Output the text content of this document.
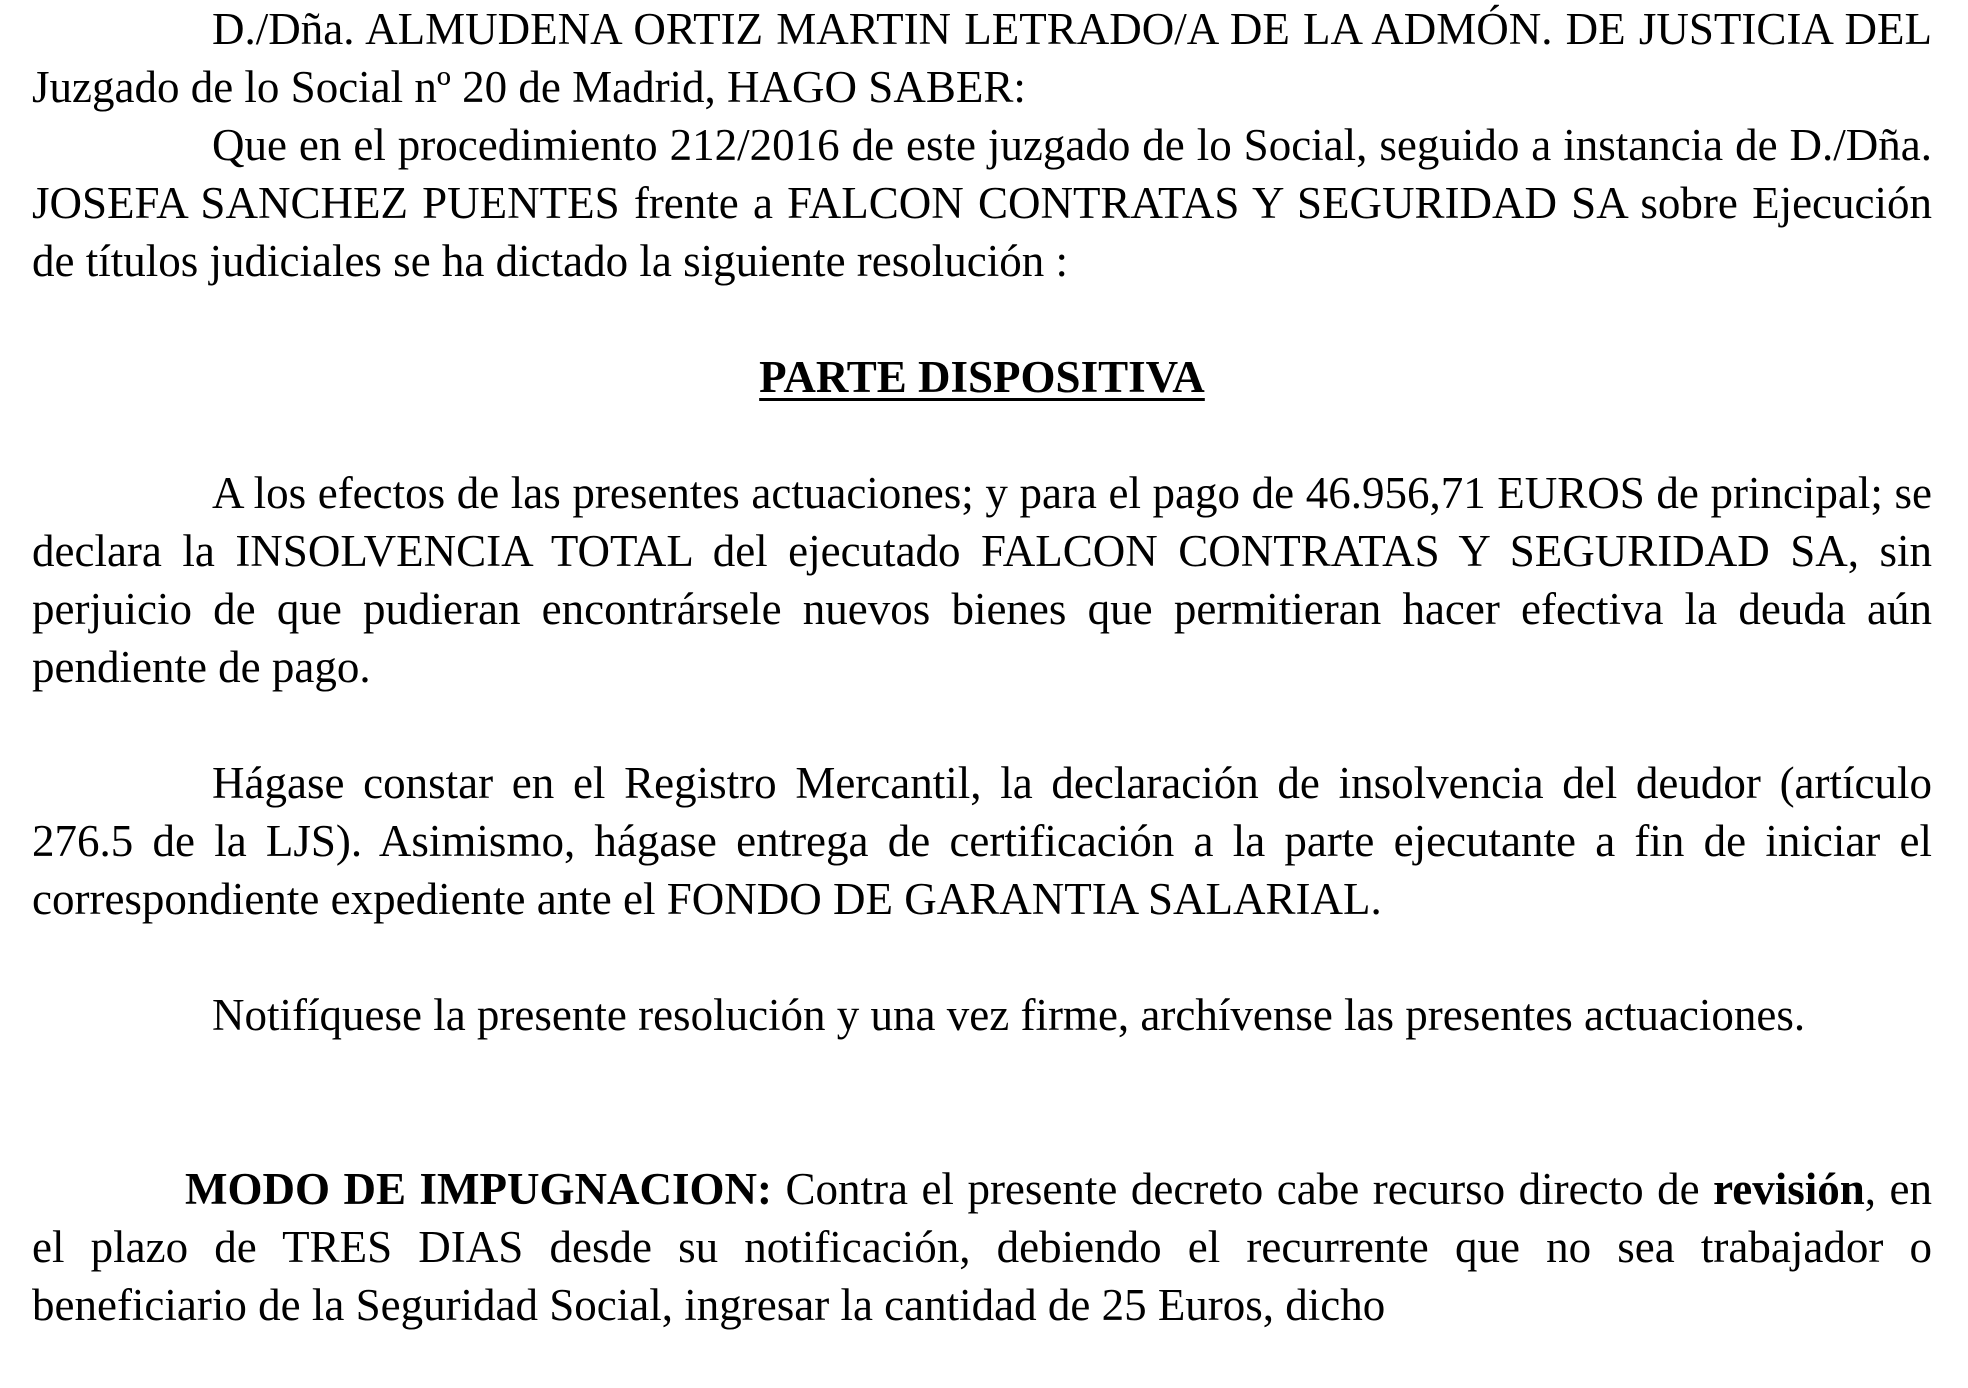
D./Dña. ALMUDENA ORTIZ MARTIN LETRADO/A DE LA ADMÓN. DE JUSTICIA DEL Juzgado de lo Social nº 20 de Madrid, HAGO SABER:

Que en el procedimiento 212/2016 de este juzgado de lo Social, seguido a instancia de D./Dña. JOSEFA SANCHEZ PUENTES frente a FALCON CONTRATAS Y SEGURIDAD SA sobre Ejecución de títulos judiciales se ha dictado la siguiente resolución :

PARTE DISPOSITIVA

A los efectos de las presentes actuaciones; y para el pago de 46.956,71 EUROS de principal; se declara la INSOLVENCIA TOTAL del ejecutado FALCON CONTRATAS Y SEGURIDAD SA, sin perjuicio de que pudieran encontrársele nuevos bienes que permitieran hacer efectiva la deuda aún pendiente de pago.

Hágase constar en el Registro Mercantil, la declaración de insolvencia del deudor (artículo 276.5 de la LJS). Asimismo, hágase entrega de certificación a la parte ejecutante a fin de iniciar el correspondiente expediente ante el FONDO DE GARANTIA SALARIAL.

Notifíquese la presente resolución y una vez firme, archívense las presentes actuaciones.

MODO DE IMPUGNACION: Contra el presente decreto cabe recurso directo de revisión, en el plazo de TRES DIAS desde su notificación, debiendo el recurrente que no sea trabajador o beneficiario de la Seguridad Social, ingresar la cantidad de 25 Euros, dicho
